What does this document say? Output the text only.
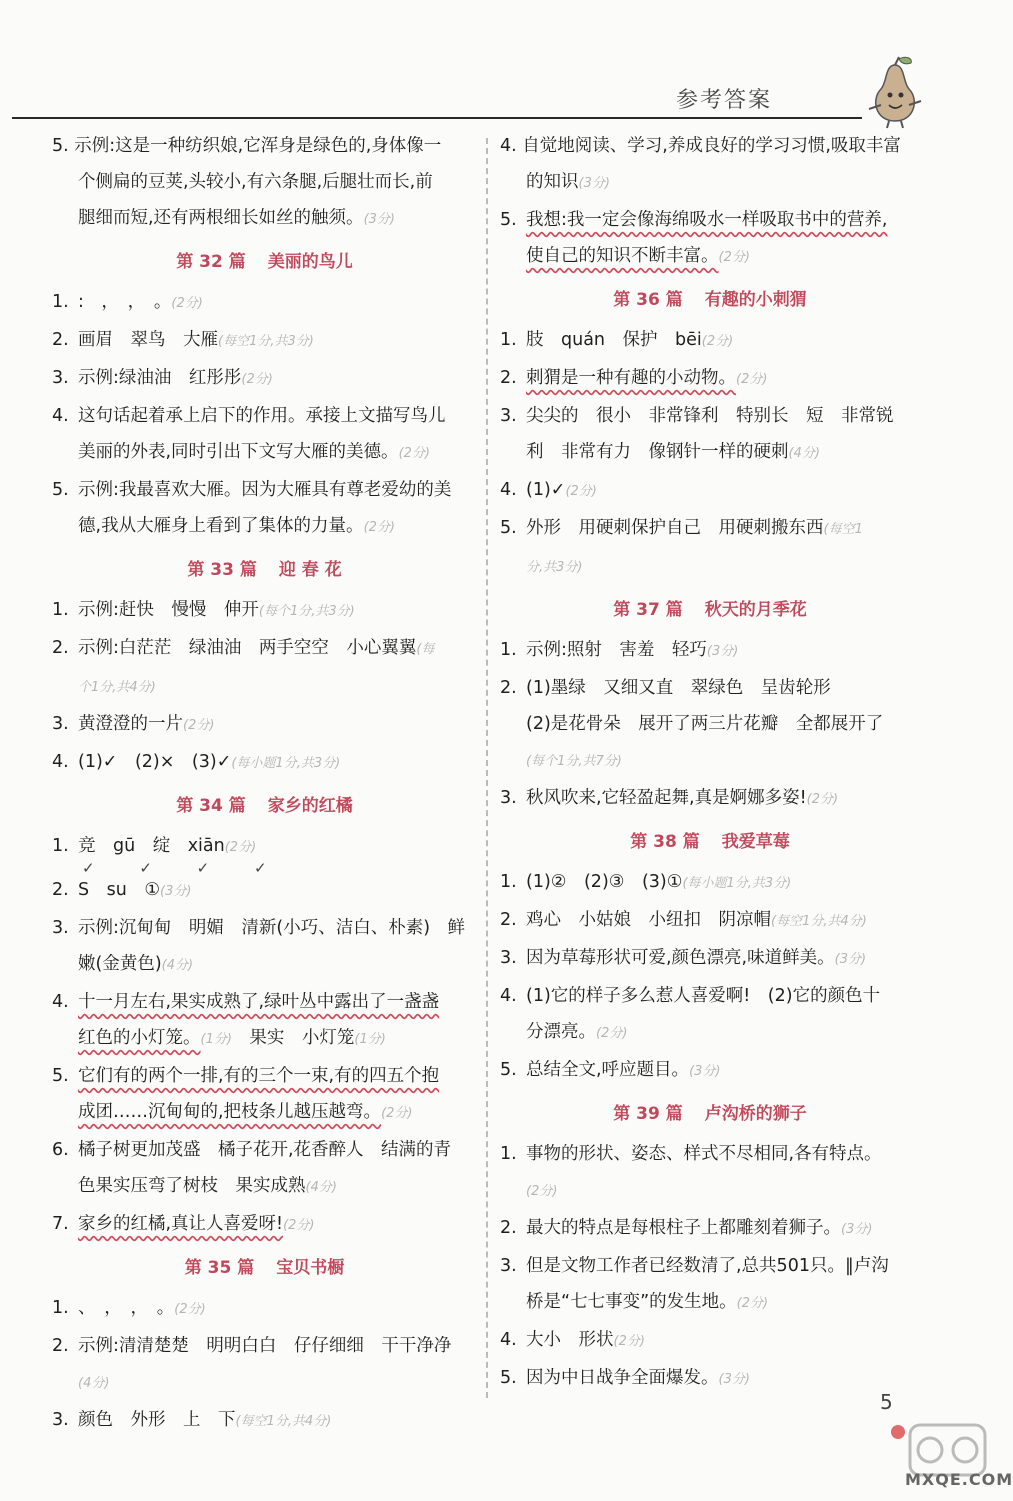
参考答案

5. 示例:这是一种纺织娘,它浑身是绿色的,身体像一

个侧扁的豆荚,头较小,有六条腿,后腿壮而长,前

腿细而短,还有两根细长如丝的触须。(3分)

第 32 篇 美丽的鸟儿

1. :　，　，　。(2分)

2. 画眉　翠鸟　大雁(每空1分,共3分)

3. 示例:绿油油　红彤彤(2分)

4. 这句话起着承上启下的作用。承接上文描写鸟儿

美丽的外表,同时引出下文写大雁的美德。(2分)

5. 示例:我最喜欢大雁。因为大雁具有尊老爱幼的美

德,我从大雁身上看到了集体的力量。(2分)

第 33 篇 迎 春 花

1. 示例:赶快　慢慢　伸开(每个1分,共3分)

2. 示例:白茫茫　绿油油　两手空空　小心翼翼(每

个1分,共4分)

3. 黄澄澄的一片(2分)

4. (1)✓　(2)×　(3)✓(每小题1分,共3分)

第 34 篇 家乡的红橘

1. 竞　gū　绽　xiān(2分)
✓ ✓ ✓ ✓

2. S　su　①(3分)

3. 示例:沉甸甸　明媚　清新(小巧、洁白、朴素)　鲜

嫩(金黄色)(4分)

4. 十一月左右,果实成熟了,绿叶丛中露出了一盏盏

红色的小灯笼。(1分)　 果实　小灯笼(1分)

5. 它们有的两个一排,有的三个一束,有的四五个抱

成团……沉甸甸的,把枝条儿越压越弯。(2分)

6. 橘子树更加茂盛　橘子花开,花香醉人　结满的青

色果实压弯了树枝　果实成熟(4分)

7. 家乡的红橘,真让人喜爱呀!(2分)

第 35 篇 宝贝书橱

1. 、　，　，　。(2分)

2. 示例:清清楚楚　明明白白　仔仔细细　干干净净

(4分)

3. 颜色　外形　上　下(每空1分,共4分)

4. 自觉地阅读、学习,养成良好的学习习惯,吸取丰富

的知识(3分)

5. 我想:我一定会像海绵吸水一样吸取书中的营养,

使自己的知识不断丰富。(2分)

第 36 篇 有趣的小刺猬

1. 肢　quán　保护　bēi(2分)

2. 刺猬是一种有趣的小动物。(2分)

3. 尖尖的　很小　非常锋利　特别长　短　非常锐

利　非常有力　像钢针一样的硬刺(4分)

4. (1)✓(2分)

5. 外形　用硬刺保护自己　用硬刺搬东西(每空1

分,共3分)

第 37 篇 秋天的月季花

1. 示例:照射　害羞　轻巧(3分)

2. (1)墨绿　又细又直　翠绿色　呈齿轮形

(2)是花骨朵　展开了两三片花瓣　全都展开了

(每个1分,共7分)

3. 秋风吹来,它轻盈起舞,真是婀娜多姿!(2分)

第 38 篇 我爱草莓

1. (1)②　(2)③　(3)①(每小题1分,共3分)

2. 鸡心　小姑娘　小纽扣　阴凉帽(每空1分,共4分)

3. 因为草莓形状可爱,颜色漂亮,味道鲜美。(3分)

4. (1)它的样子多么惹人喜爱啊!　(2)它的颜色十

分漂亮。(2分)

5. 总结全文,呼应题目。(3分)

第 39 篇 卢沟桥的狮子

1. 事物的形状、姿态、样式不尽相同,各有特点。

(2分)

2. 最大的特点是每根柱子上都雕刻着狮子。(3分)

3. 但是文物工作者已经数清了,总共501只。‖卢沟

桥是“七七事变”的发生地。(2分)

4. 大小　形状(2分)

5. 因为中日战争全面爆发。(3分)

5
MXQE.COM
